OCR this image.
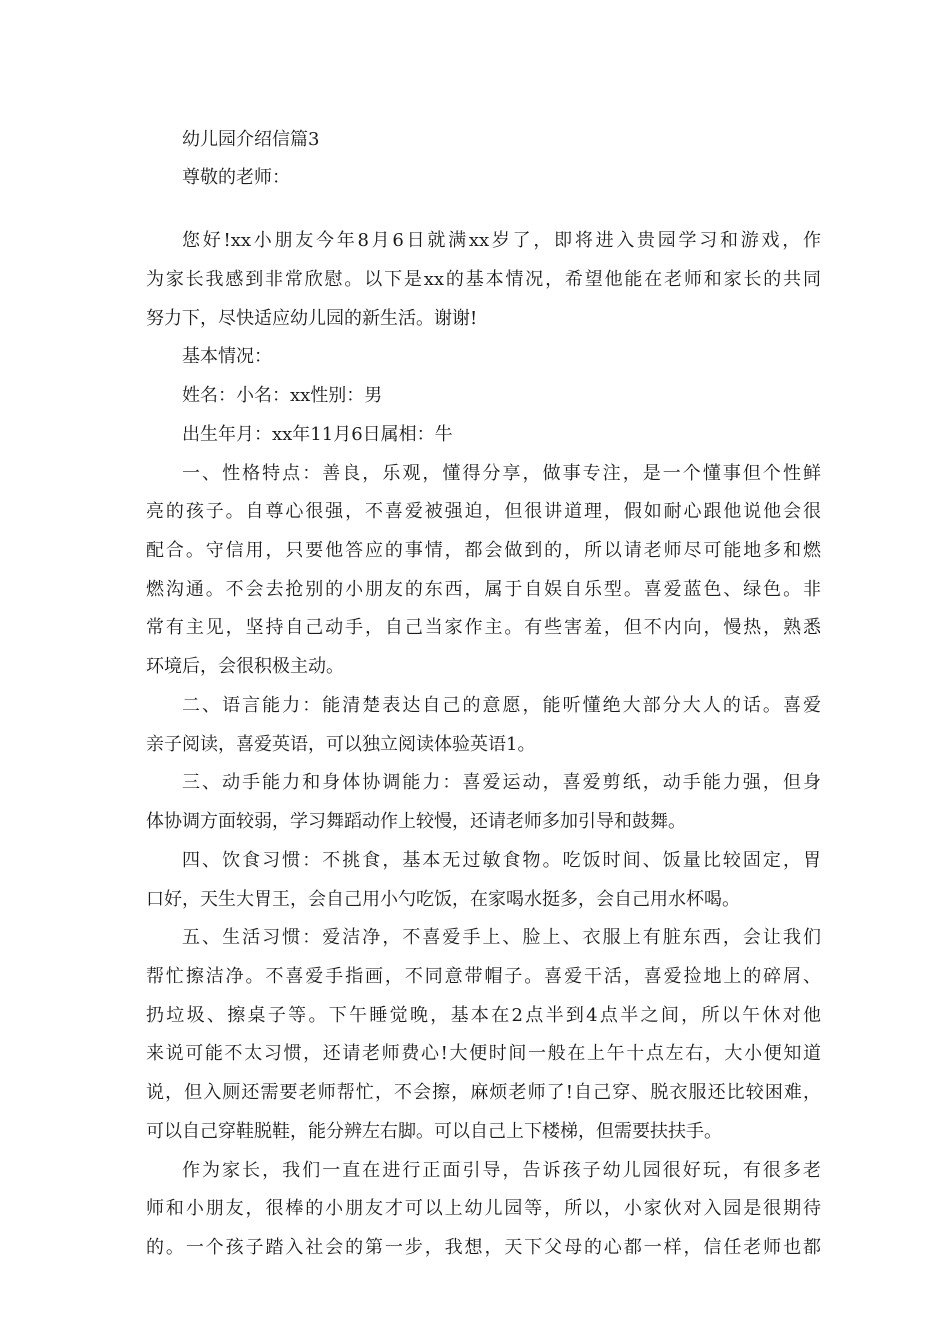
幼儿园介绍信篇3
尊敬的老师：
您好!xx小朋友今年8月6日就满xx岁了，即将进入贵园学习和游戏，作
为家长我感到非常欣慰。以下是xx的基本情况，希望他能在老师和家长的共同
努力下，尽快适应幼儿园的新生活。谢谢!
基本情况：
姓名：小名：xx性别：男
出生年月：xx年11月6日属相：牛
一、性格特点：善良，乐观，懂得分享，做事专注，是一个懂事但个性鲜
亮的孩子。自尊心很强，不喜爱被强迫，但很讲道理，假如耐心跟他说他会很
配合。守信用，只要他答应的事情，都会做到的，所以请老师尽可能地多和燃
燃沟通。不会去抢别的小朋友的东西，属于自娱自乐型。喜爱蓝色、绿色。非
常有主见，坚持自己动手，自己当家作主。有些害羞，但不内向，慢热，熟悉
环境后，会很积极主动。
二、语言能力：能清楚表达自己的意愿，能听懂绝大部分大人的话。喜爱
亲子阅读，喜爱英语，可以独立阅读体验英语1。
三、动手能力和身体协调能力：喜爱运动，喜爱剪纸，动手能力强，但身
体协调方面较弱，学习舞蹈动作上较慢，还请老师多加引导和鼓舞。
四、饮食习惯：不挑食，基本无过敏食物。吃饭时间、饭量比较固定，胃
口好，天生大胃王，会自己用小勺吃饭，在家喝水挺多，会自己用水杯喝。
五、生活习惯：爱洁净，不喜爱手上、脸上、衣服上有脏东西，会让我们
帮忙擦洁净。不喜爱手指画，不同意带帽子。喜爱干活，喜爱捡地上的碎屑、
扔垃圾、擦桌子等。下午睡觉晚，基本在2点半到4点半之间，所以午休对他
来说可能不太习惯，还请老师费心!大便时间一般在上午十点左右，大小便知道
说，但入厕还需要老师帮忙，不会擦，麻烦老师了!自己穿、脱衣服还比较困难，
可以自己穿鞋脱鞋，能分辨左右脚。可以自己上下楼梯，但需要扶扶手。
作为家长，我们一直在进行正面引导，告诉孩子幼儿园很好玩，有很多老
师和小朋友，很棒的小朋友才可以上幼儿园等，所以，小家伙对入园是很期待
的。一个孩子踏入社会的第一步，我想，天下父母的心都一样，信任老师也都
